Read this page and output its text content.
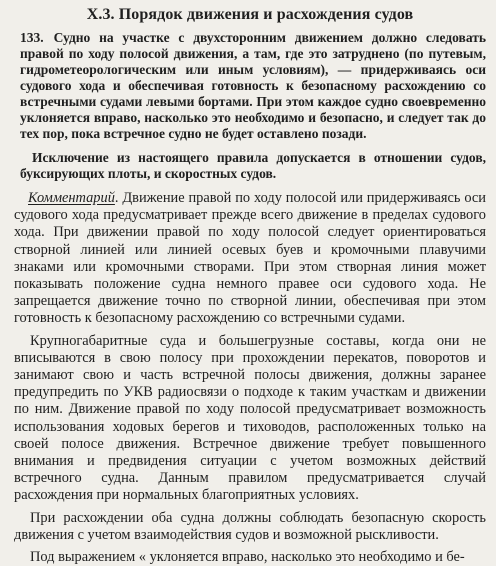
X.3. Порядок движения и расхождения судов
133. Судно на участке с двухсторонним движением должно следовать правой по ходу полосой движения, а там, где это затруднено (по путевым, гидрометеорологическим или иным условиям), — придерживаясь оси судового хода и обеспечивая готовность к безопасному расхождению со встречными судами левыми бортами. При этом каждое судно своевременно уклоняется вправо, насколько это необходимо и безопасно, и следует так до тех пор, пока встречное судно не будет оставлено позади.

Исключение из настоящего правила допускается в отношении судов, буксирующих плоты, и скоростных судов.

Комментарий. Движение правой по ходу полосой или придерживаясь оси судового хода предусматривает прежде всего движение в пределах судового хода. При движении правой по ходу полосой следует ориентироваться створной линией или линией осевых буев и кромочными плавучими знаками или кромочными створами. При этом створная линия может показывать положение судна немного правее оси судового хода. Не запрещается движение точно по створной линии, обеспечивая при этом готовность к безопасному расхождению со встречными судами.

Крупногабаритные суда и большегрузные составы, когда они не вписываются в свою полосу при прохождении перекатов, поворотов и занимают свою и часть встречной полосы движения, должны заранее предупредить по УКВ радиосвязи о подходе к таким участкам и движении по ним. Движение правой по ходу полосой предусматривает возможность использования ходовых берегов и тиховодов, расположенных только на своей полосе движения. Встречное движение требует повышенного внимания и предвидения ситуации с учетом возможных действий встречного судна. Данным правилом предусматривается случай расхождения при нормальных благоприятных условиях.

При расхождении оба судна должны соблюдать безопасную скорость движения с учетом взаимодействия судов и возможной рыскливости.

Под выражением « уклоняется вправо, насколько это необходимо и бе-
